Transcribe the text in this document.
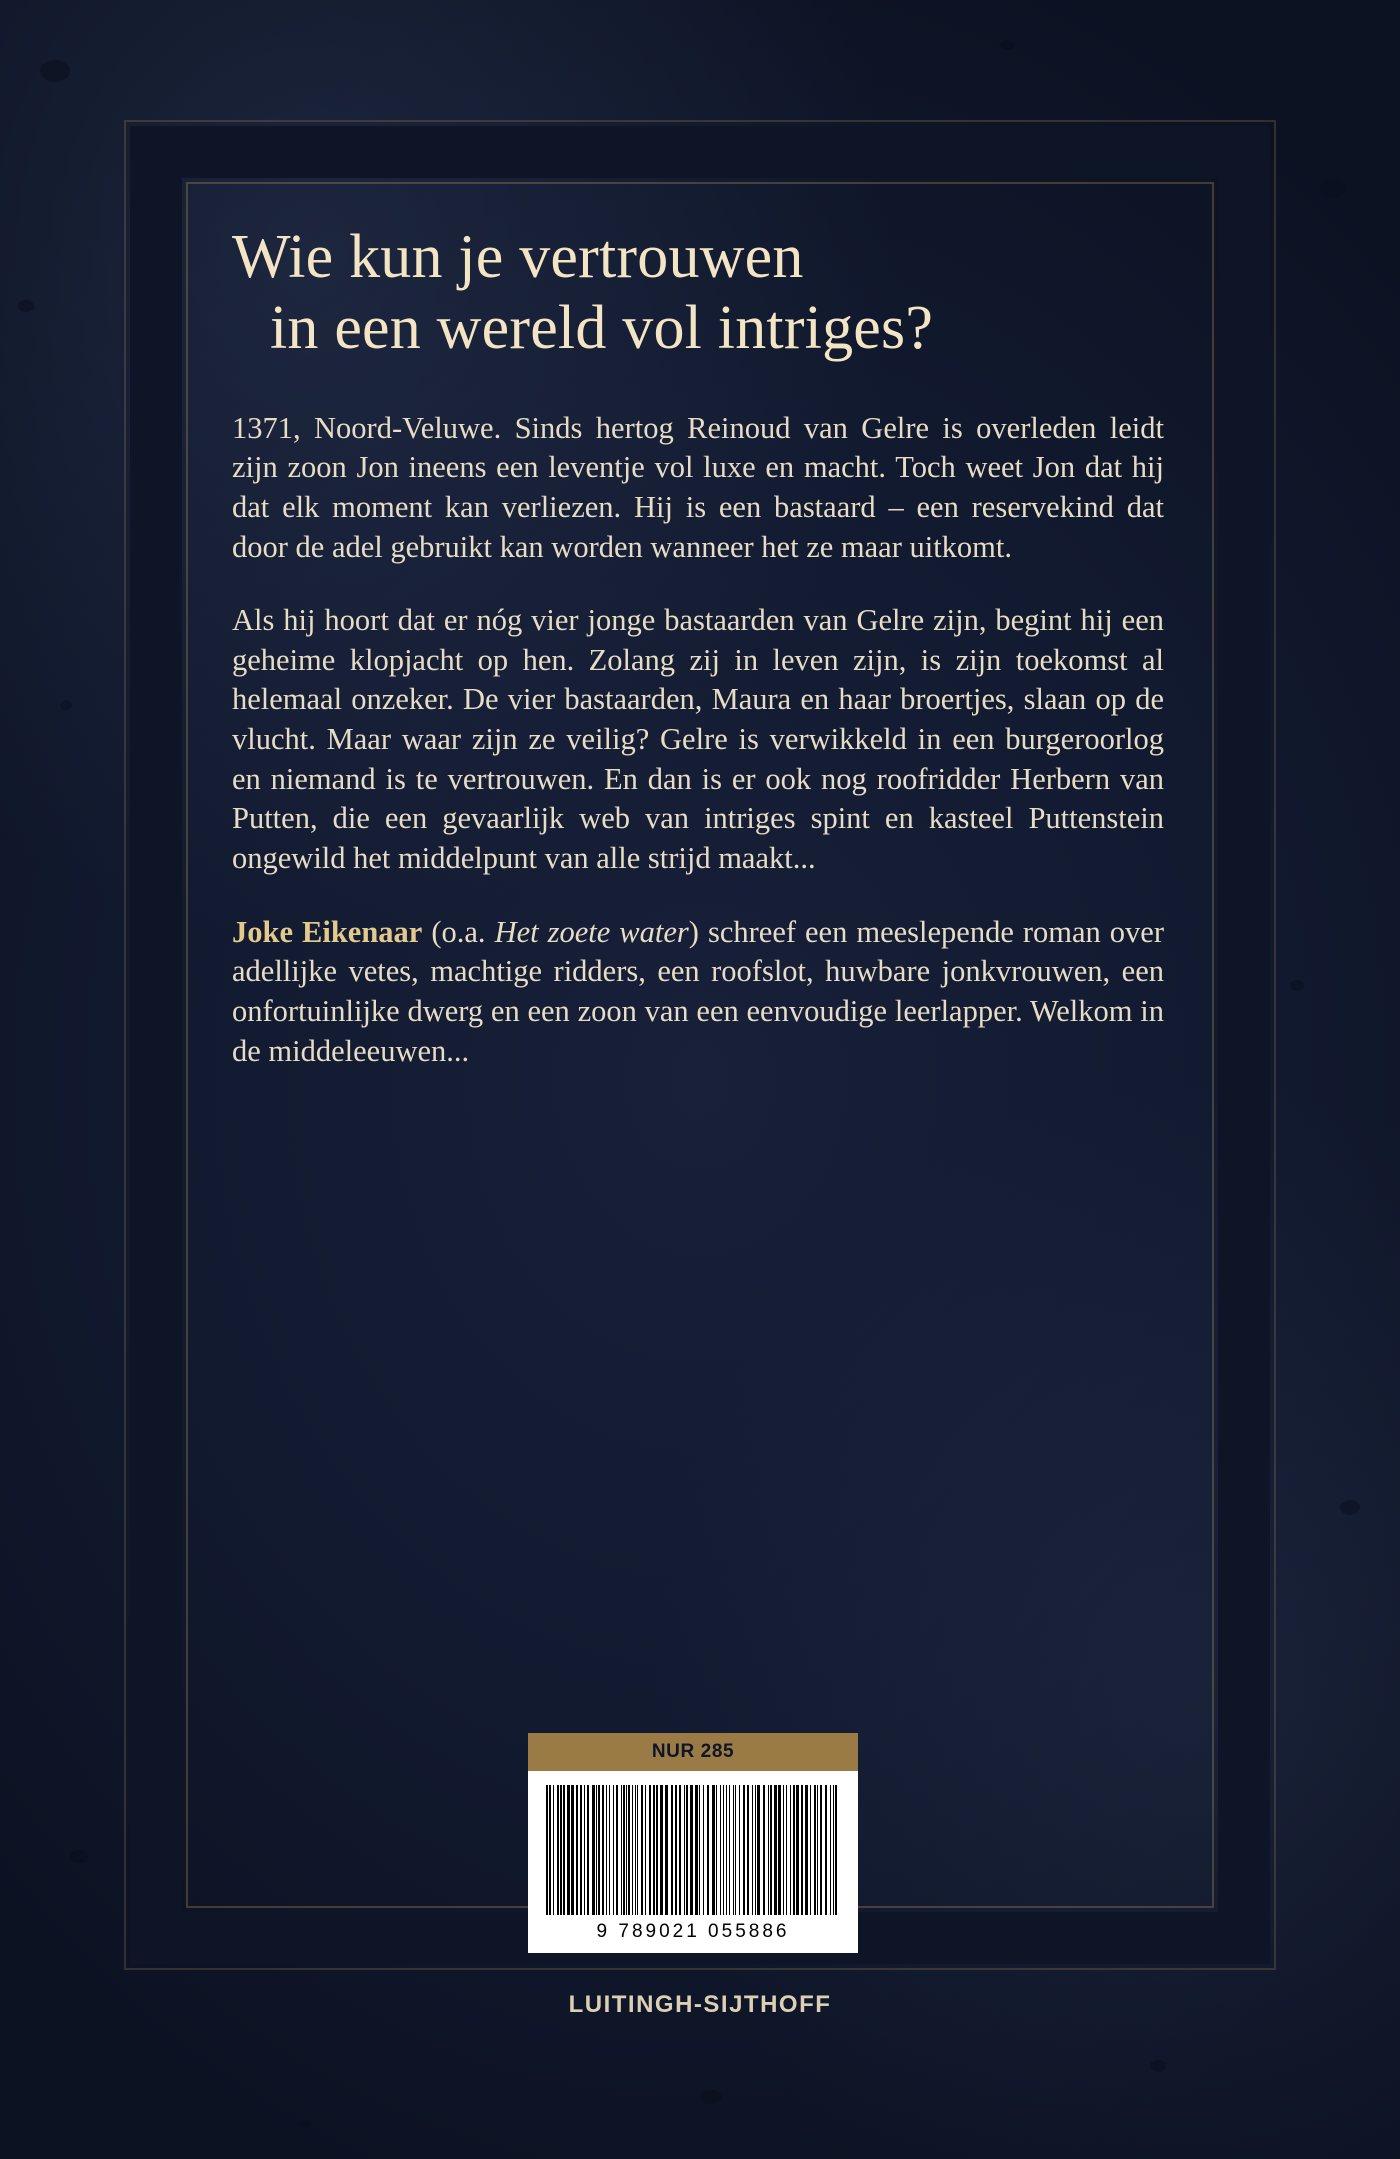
Wie kun je vertrouwen
in een wereld vol intriges?

1371, Noord-Veluwe. Sinds hertog Reinoud van Gelre is overleden leidt zijn zoon Jon ineens een leventje vol luxe en macht. Toch weet Jon dat hij dat elk moment kan verliezen. Hij is een bastaard – een reservekind dat door de adel gebruikt kan worden wanneer het ze maar uitkomt.

Als hij hoort dat er nóg vier jonge bastaarden van Gelre zijn, begint hij een geheime klopjacht op hen. Zolang zij in leven zijn, is zijn toekomst al helemaal onzeker. De vier bastaarden, Maura en haar broertjes, slaan op de vlucht. Maar waar zijn ze veilig? Gelre is verwikkeld in een burgeroorlog en niemand is te vertrouwen. En dan is er ook nog roofridder Herbern van Putten, die een gevaarlijk web van intriges spint en kasteel Puttenstein ongewild het middelpunt van alle strijd maakt...

Joke Eikenaar (o.a. Het zoete water) schreef een meeslepende roman over adellijke vetes, machtige ridders, een roofslot, huwbare jonkvrouwen, een onfortuinlijke dwerg en een zoon van een eenvoudige leerlapper. Welkom in de middeleeuwen...

NUR 285
9 789021 055886
LUITINGH-SIJTHOFF
